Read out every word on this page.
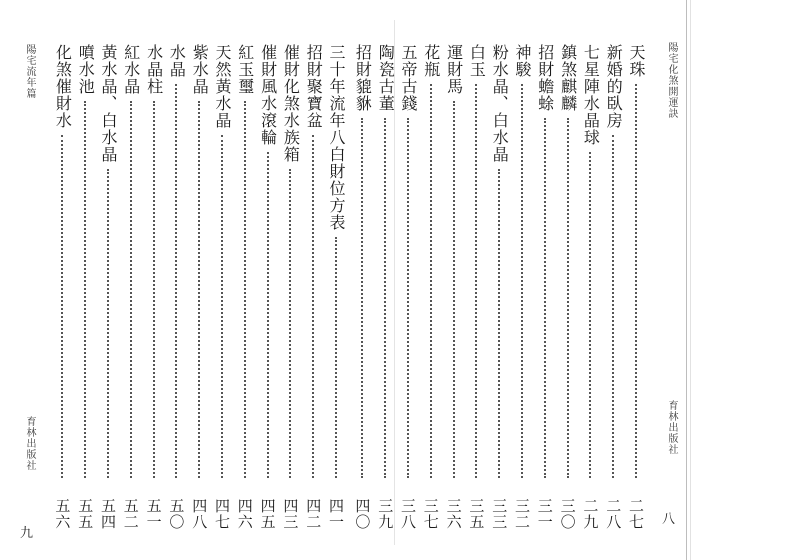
陽宅化煞開運訣
育林出版社
八
陽宅流年篇
育林出版社
九
天珠
二七
新婚的臥房
二八
七星陣水晶球
二九
鎮煞麒麟
三〇
招財蟾蜍
三一
神駿
三二
粉水晶、白水晶
三三
白玉
三五
運財馬
三六
花瓶
三七
五帝古錢
三八
陶瓷古董
三九
招財貔貅
四〇
三十年流年八白財位方表
四一
招財聚寶盆
四二
催財化煞水族箱
四三
催財風水滾輪
四五
紅玉璽
四六
天然黃水晶
四七
紫水晶
四八
水晶
五〇
水晶柱
五一
紅水晶
五二
黃水晶、白水晶
五四
噴水池
五五
化煞催財水
五六
